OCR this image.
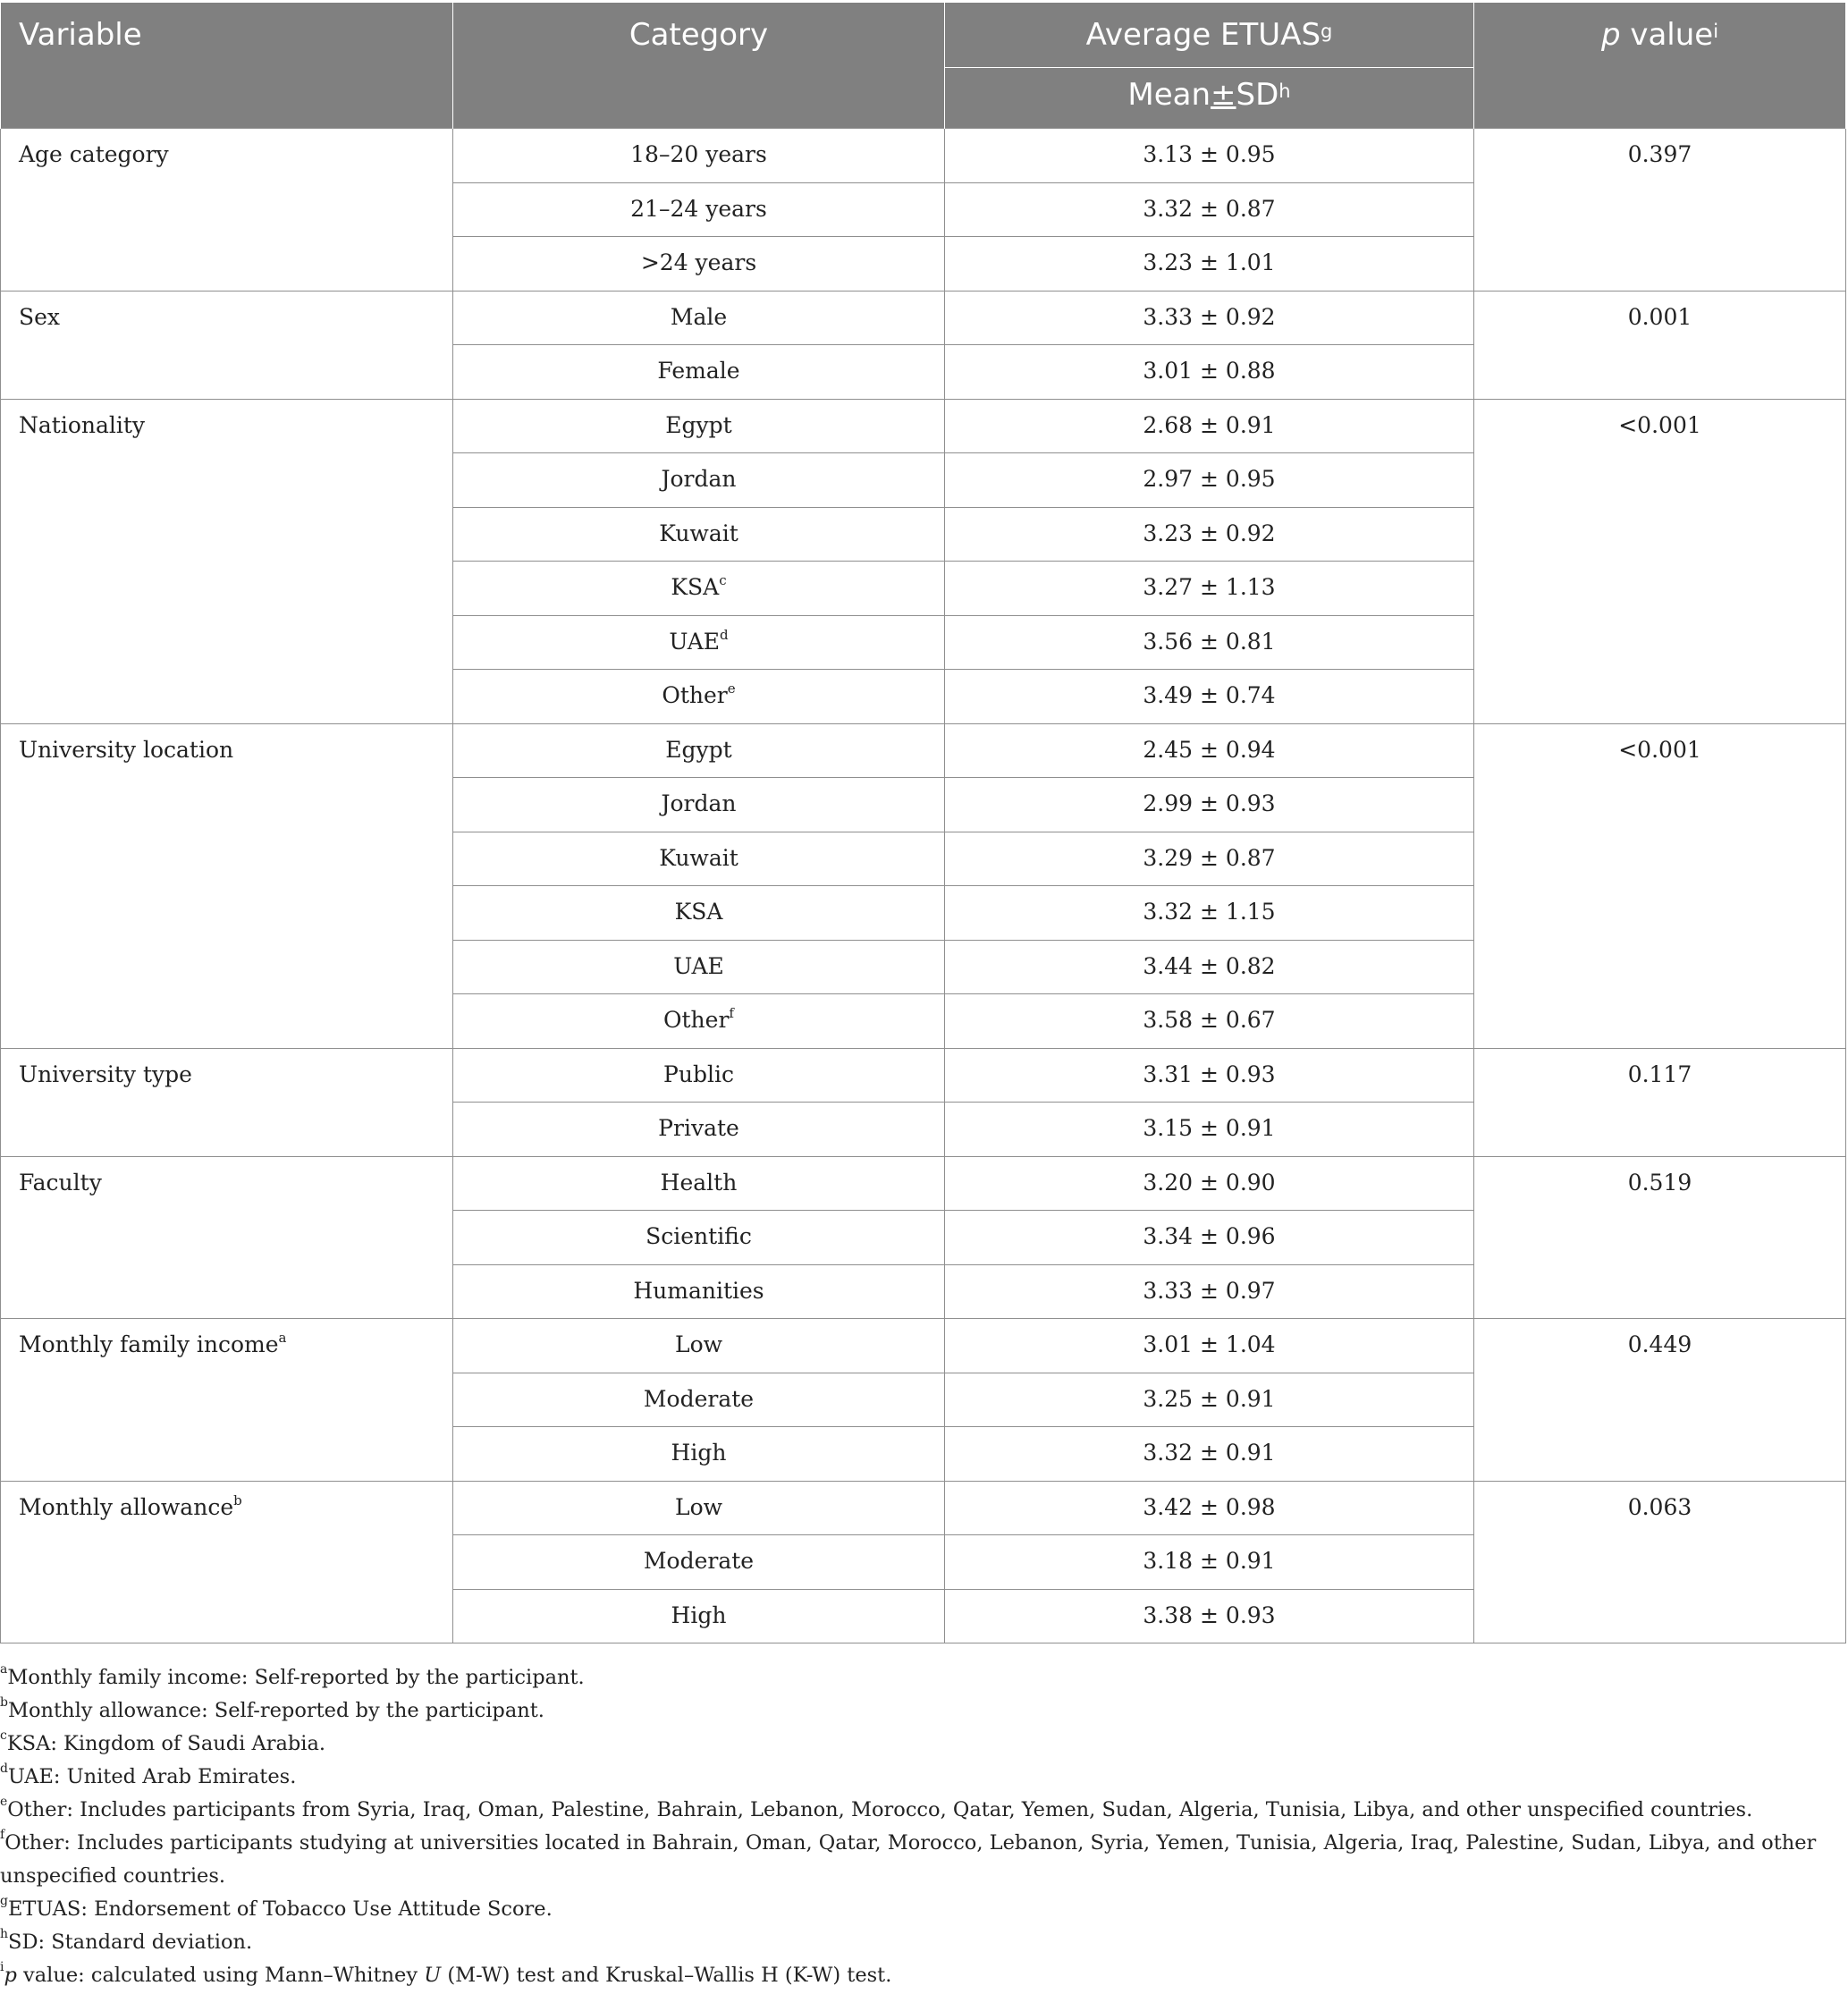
Variable	Category	Average ETUAS$^g$	p value$^i$
		$Mean\pm SD^h$
Age category	18–20 years	3.13 ± 0.95	0.397
	21–24 years	3.32 ± 0.87	
	>24 years	3.23 ± 1.01	
Sex	Male	3.33 ± 0.92	0.001
	Female	3.01 ± 0.88	
Nationality	Egypt	2.68 ± 0.91	<0.001
	Jordan	2.97 ± 0.95	
	Kuwait	3.23 ± 0.92	
	KSA$^c$	3.27 ± 1.13	
	UAE$^d$	3.56 ± 0.81	
	Other$^e$	3.49 ± 0.74	
University location	Egypt	2.45 ± 0.94	<0.001
	Jordan	2.99 ± 0.93	
	Kuwait	3.29 ± 0.87	
	KSA	3.32 ± 1.15	
	UAE	3.44 ± 0.82	
	Other$^f$	3.58 ± 0.67	
University type	Public	3.31 ± 0.93	0.117
	Private	3.15 ± 0.91	
Faculty	Health	3.20 ± 0.90	0.519
	Scientific	3.34 ± 0.96	
	Humanities	3.33 ± 0.97	
Monthly family income$^a$	Low	3.01 ± 1.04	0.449
	Moderate	3.25 ± 0.91	
	High	3.32 ± 0.91	
Monthly allowance$^b$	Low	3.42 ± 0.98	0.063
	Moderate	3.18 ± 0.91	
	High	3.38 ± 0.93	

$^a$Monthly family income: Self-reported by the participant.

$^b$Monthly allowance: Self-reported by the participant.

$^c$KSA: Kingdom of Saudi Arabia.

$^d$UAE: United Arab Emirates.

$^e$Other: Includes participants from Syria, Iraq, Oman, Palestine, Bahrain, Lebanon, Morocco, Qatar, Yemen, Sudan, Algeria, Tunisia, Libya, and other unspecified countries.

$^f$Other: Includes participants studying at universities located in Bahrain, Oman, Qatar, Morocco, Lebanon, Syria, Yemen, Tunisia, Algeria, Iraq, Palestine, Sudan, Libya, and other unspecified countries.

$^g$ETUAS: Endorsement of Tobacco Use Attitude Score.

$^h$SD: Standard deviation.

$^i$p value: calculated using Mann–Whitney U (M-W) test and Kruskal–Wallis H (K-W) test.
